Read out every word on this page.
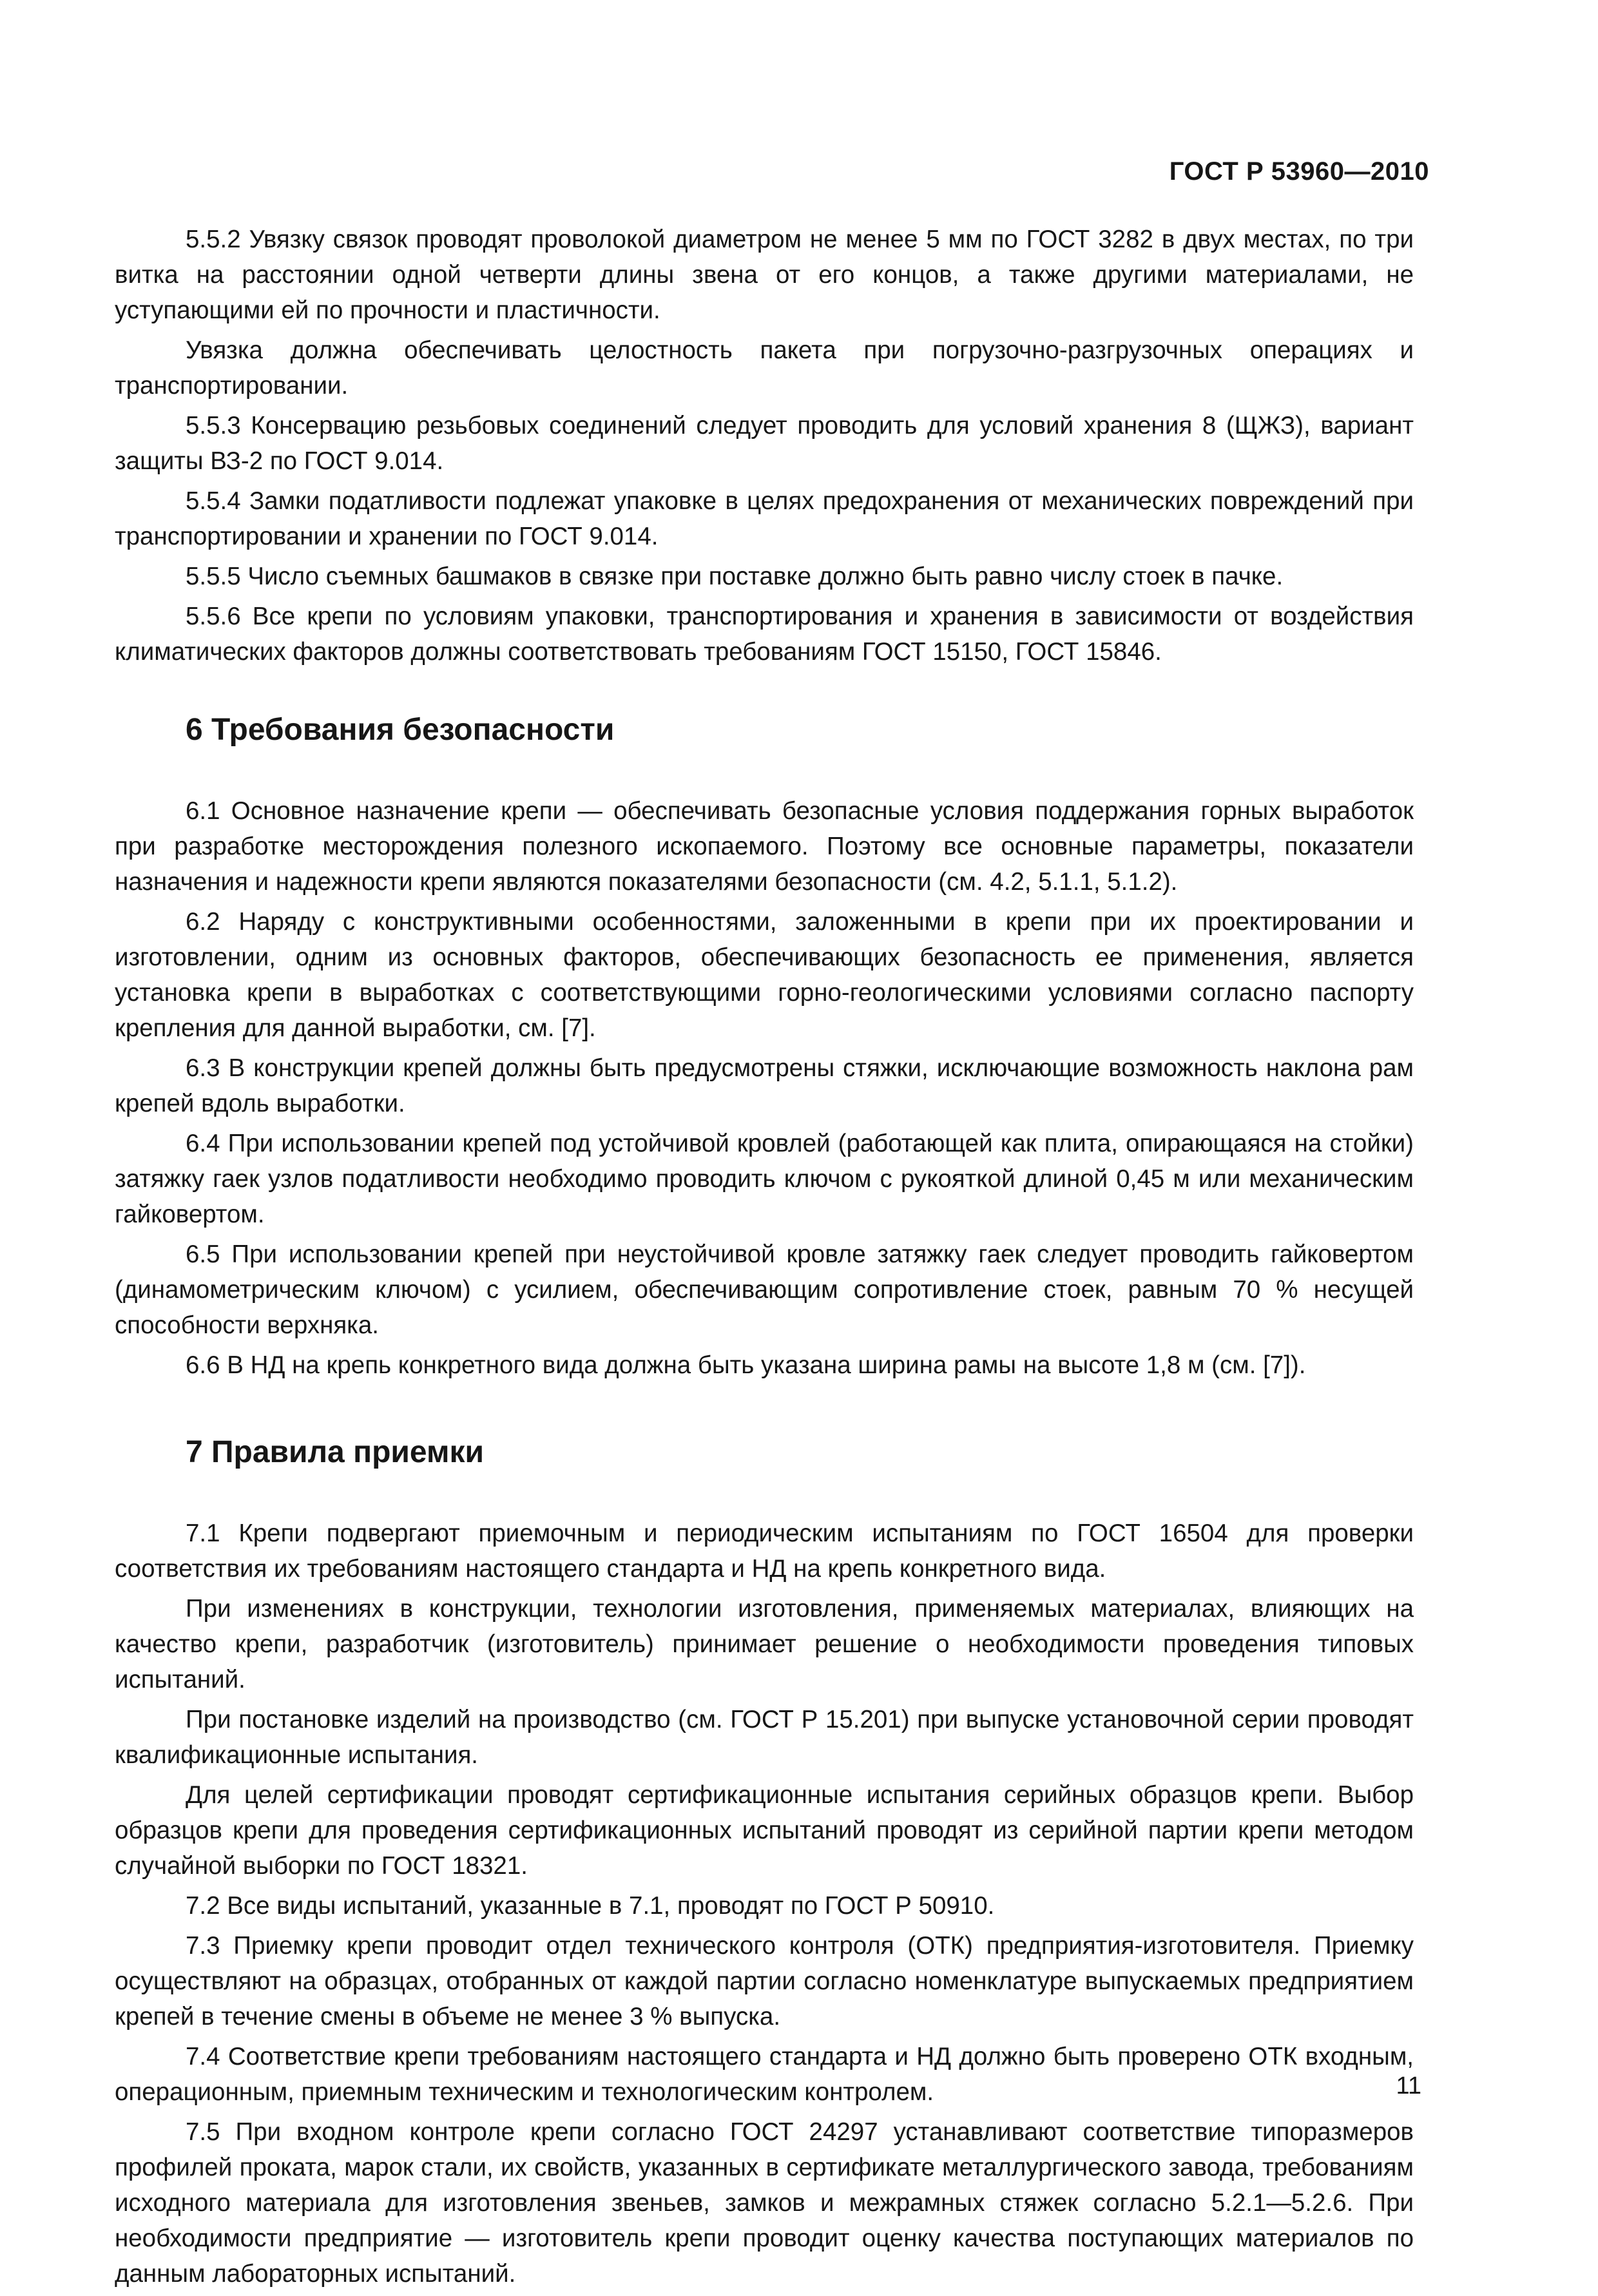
ГОСТ Р 53960—2010

5.5.2 Увязку связок проводят проволокой диаметром не менее 5 мм по ГОСТ 3282 в двух местах, по три витка на расстоянии одной четверти длины звена от его концов, а также другими материалами, не уступающими ей по прочности и пластичности.

Увязка должна обеспечивать целостность пакета при погрузочно-разгрузочных операциях и транспортировании.

5.5.3 Консервацию резьбовых соединений следует проводить для условий хранения 8 (ЩЖЗ), вариант защиты ВЗ-2 по ГОСТ 9.014.

5.5.4 Замки податливости подлежат упаковке в целях предохранения от механических повреждений при транспортировании и хранении по ГОСТ 9.014.

5.5.5 Число съемных башмаков в связке при поставке должно быть равно числу стоек в пачке.

5.5.6 Все крепи по условиям упаковки, транспортирования и хранения в зависимости от воздействия климатических факторов должны соответствовать требованиям ГОСТ 15150, ГОСТ 15846.

6 Требования безопасности

6.1 Основное назначение крепи — обеспечивать безопасные условия поддержания горных выработок при разработке месторождения полезного ископаемого. Поэтому все основные параметры, показатели назначения и надежности крепи являются показателями безопасности (см. 4.2, 5.1.1, 5.1.2).

6.2 Наряду с конструктивными особенностями, заложенными в крепи при их проектировании и изготовлении, одним из основных факторов, обеспечивающих безопасность ее применения, является установка крепи в выработках с соответствующими горно-геологическими условиями согласно паспорту крепления для данной выработки, см. [7].

6.3 В конструкции крепей должны быть предусмотрены стяжки, исключающие возможность наклона рам крепей вдоль выработки.

6.4 При использовании крепей под устойчивой кровлей (работающей как плита, опирающаяся на стойки) затяжку гаек узлов податливости необходимо проводить ключом с рукояткой длиной 0,45 м или механическим гайковертом.

6.5 При использовании крепей при неустойчивой кровле затяжку гаек следует проводить гайковертом (динамометрическим ключом) с усилием, обеспечивающим сопротивление стоек, равным 70 % несущей способности верхняка.

6.6 В НД на крепь конкретного вида должна быть указана ширина рамы на высоте 1,8 м (см. [7]).

7 Правила приемки

7.1 Крепи подвергают приемочным и периодическим испытаниям по ГОСТ 16504 для проверки соответствия их требованиям настоящего стандарта и НД на крепь конкретного вида.

При изменениях в конструкции, технологии изготовления, применяемых материалах, влияющих на качество крепи, разработчик (изготовитель) принимает решение о необходимости проведения типовых испытаний.

При постановке изделий на производство (см. ГОСТ Р 15.201) при выпуске установочной серии проводят квалификационные испытания.

Для целей сертификации проводят сертификационные испытания серийных образцов крепи. Выбор образцов крепи для проведения сертификационных испытаний проводят из серийной партии крепи методом случайной выборки по ГОСТ 18321.

7.2 Все виды испытаний, указанные в 7.1, проводят по ГОСТ Р 50910.

7.3 Приемку крепи проводит отдел технического контроля (ОТК) предприятия-изготовителя. Приемку осуществляют на образцах, отобранных от каждой партии согласно номенклатуре выпускаемых предприятием крепей в течение смены в объеме не менее 3 % выпуска.

7.4 Соответствие крепи требованиям настоящего стандарта и НД должно быть проверено ОТК входным, операционным, приемным техническим и технологическим контролем.

7.5 При входном контроле крепи согласно ГОСТ 24297 устанавливают соответствие типоразмеров профилей проката, марок стали, их свойств, указанных в сертификате металлургического завода, требованиям исходного материала для изготовления звеньев, замков и межрамных стяжек согласно 5.2.1—5.2.6. При необходимости предприятие — изготовитель крепи проводит оценку качества поступающих материалов по данным лабораторных испытаний.

11
